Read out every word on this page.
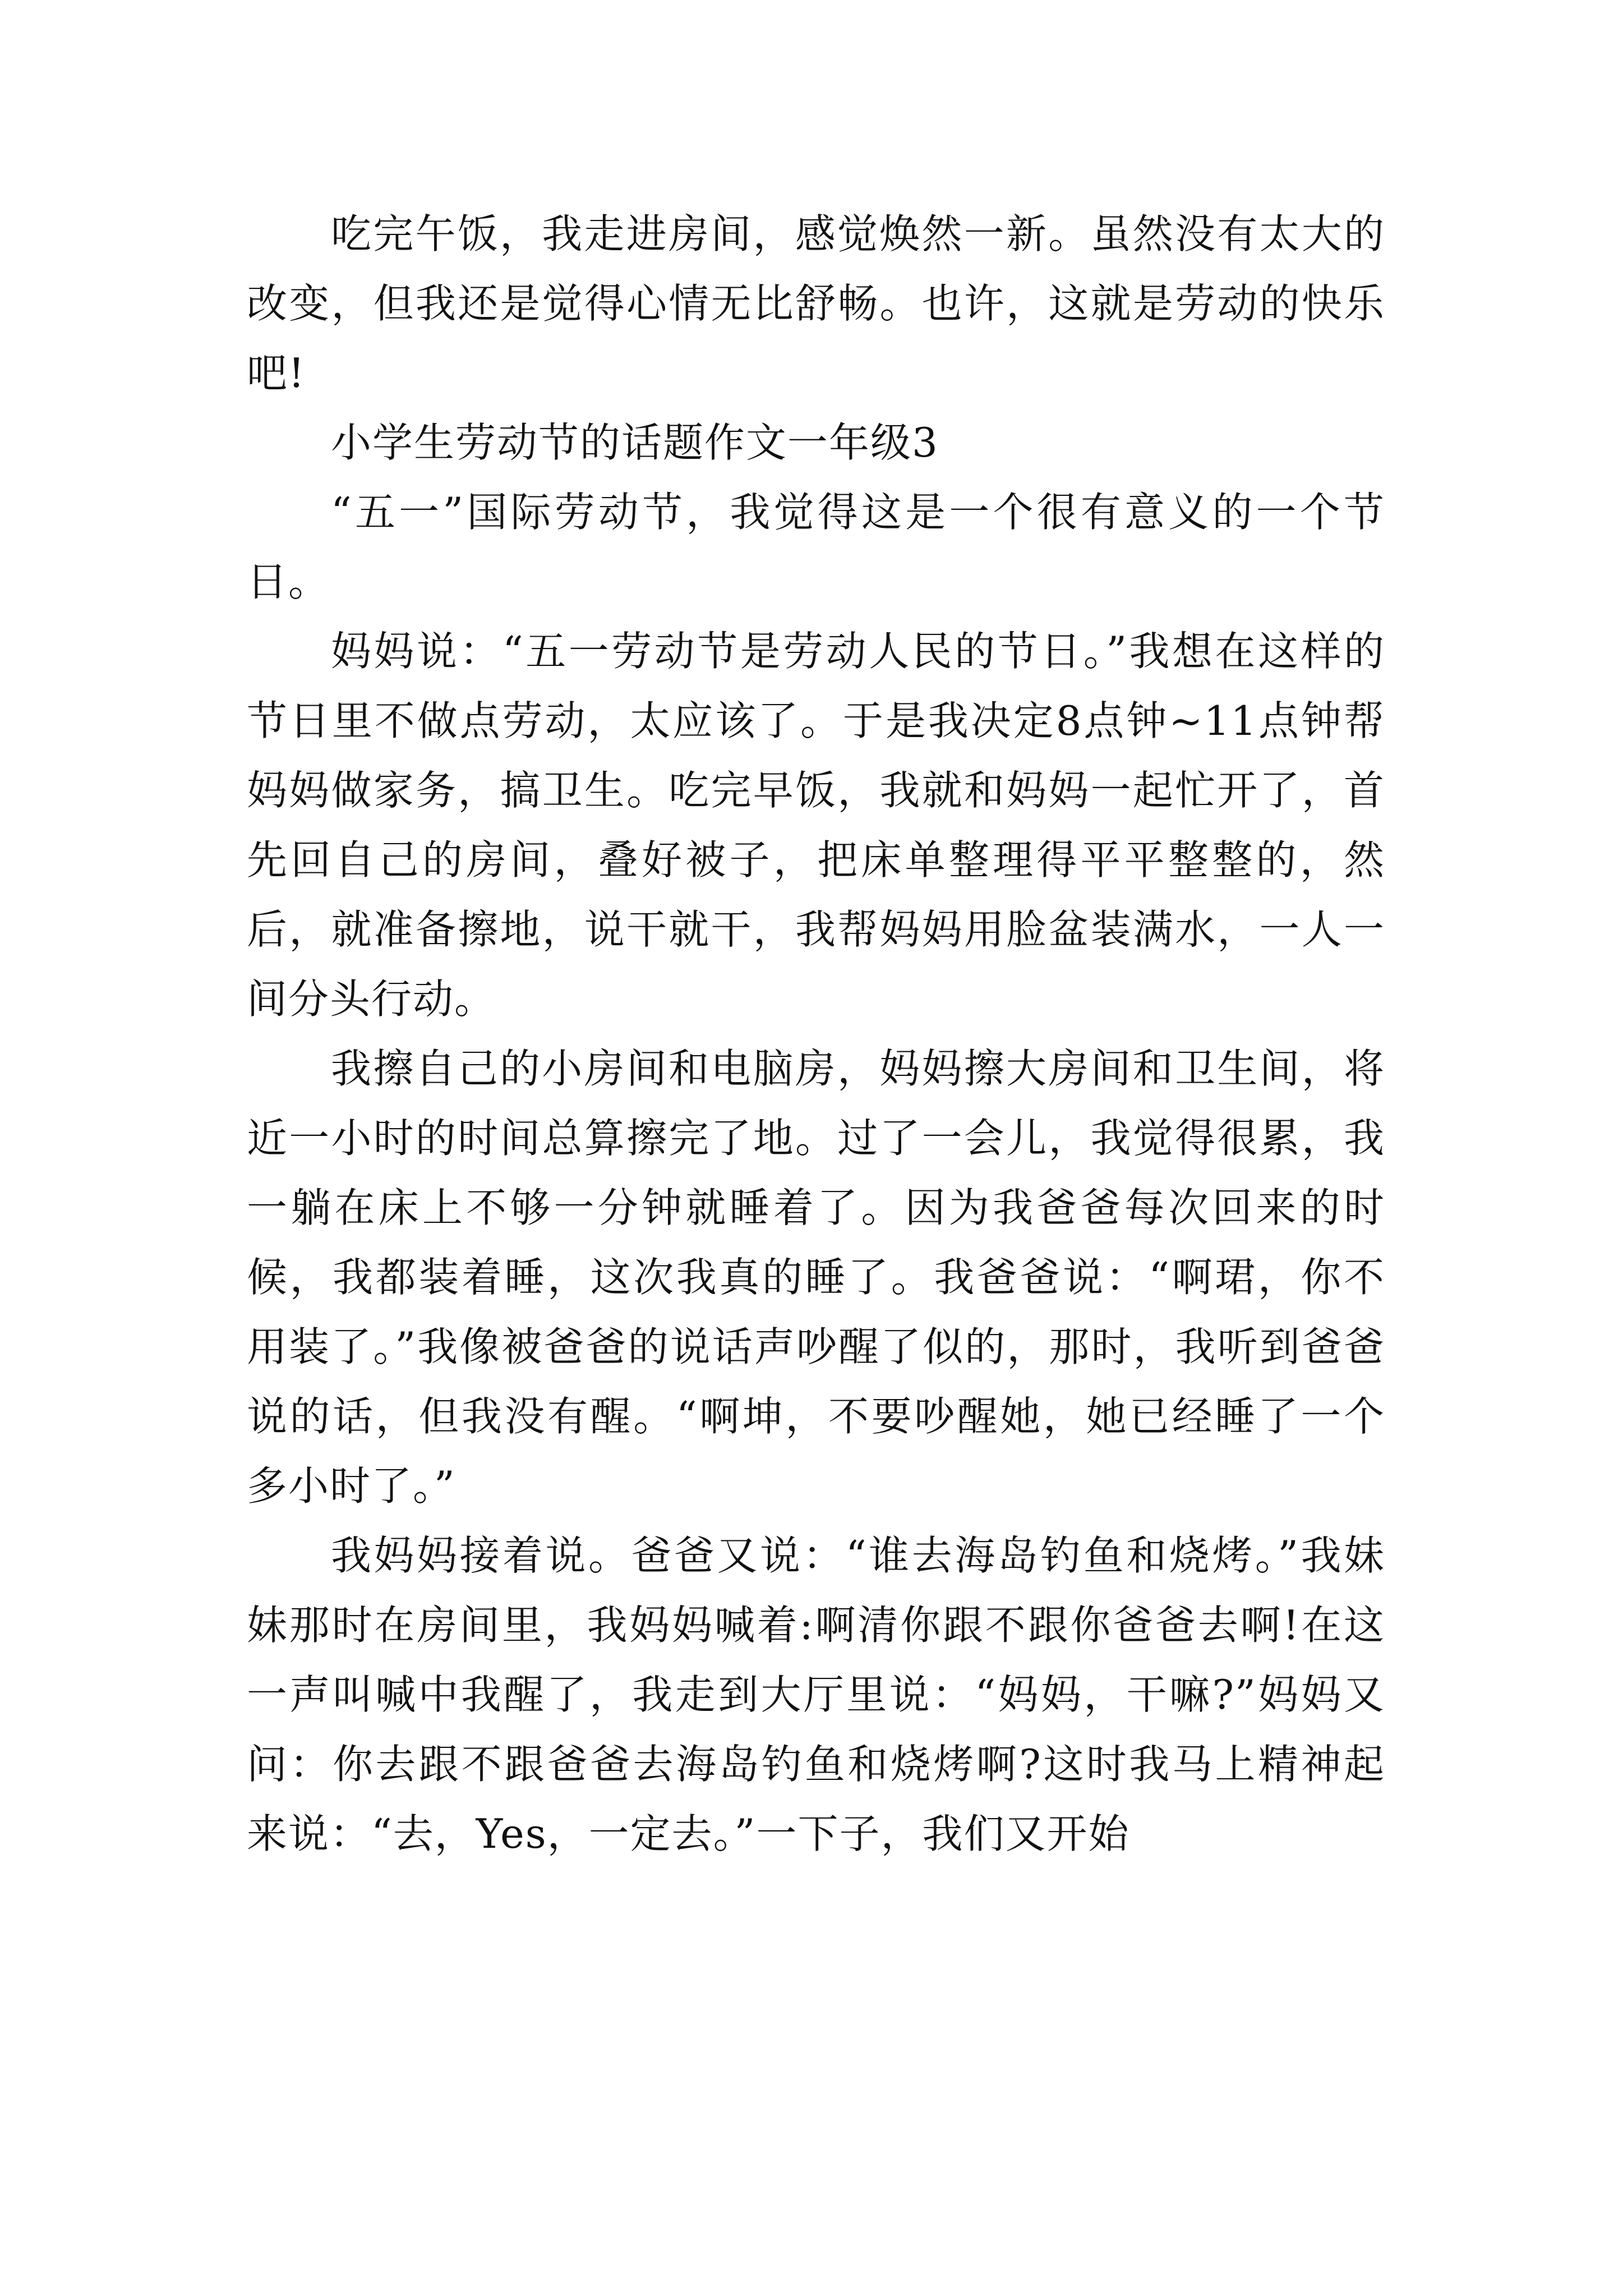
吃完午饭，我走进房间，感觉焕然一新。虽然没有太大的改变，但我还是觉得心情无比舒畅。也许，这就是劳动的快乐吧!

小学生劳动节的话题作文一年级3

“五一”国际劳动节，我觉得这是一个很有意义的一个节日。

妈妈说：“五一劳动节是劳动人民的节日。”我想在这样的节日里不做点劳动，太应该了。于是我决定8点钟~11点钟帮妈妈做家务，搞卫生。吃完早饭，我就和妈妈一起忙开了，首先回自己的房间，叠好被子，把床单整理得平平整整的，然后，就准备擦地，说干就干，我帮妈妈用脸盆装满水，一人一间分头行动。

我擦自己的小房间和电脑房，妈妈擦大房间和卫生间，将近一小时的时间总算擦完了地。过了一会儿，我觉得很累，我一躺在床上不够一分钟就睡着了。因为我爸爸每次回来的时候，我都装着睡，这次我真的睡了。我爸爸说：“啊珺，你不用装了。”我像被爸爸的说话声吵醒了似的，那时，我听到爸爸说的话，但我没有醒。“啊坤，不要吵醒她，她已经睡了一个多小时了。”

我妈妈接着说。爸爸又说：“谁去海岛钓鱼和烧烤。”我妹妹那时在房间里，我妈妈喊着:啊清你跟不跟你爸爸去啊!在这一声叫喊中我醒了，我走到大厅里说：“妈妈，干嘛?”妈妈又问：你去跟不跟爸爸去海岛钓鱼和烧烤啊?这时我马上精神起来说：“去，Yes，一定去。”一下子，我们又开始
